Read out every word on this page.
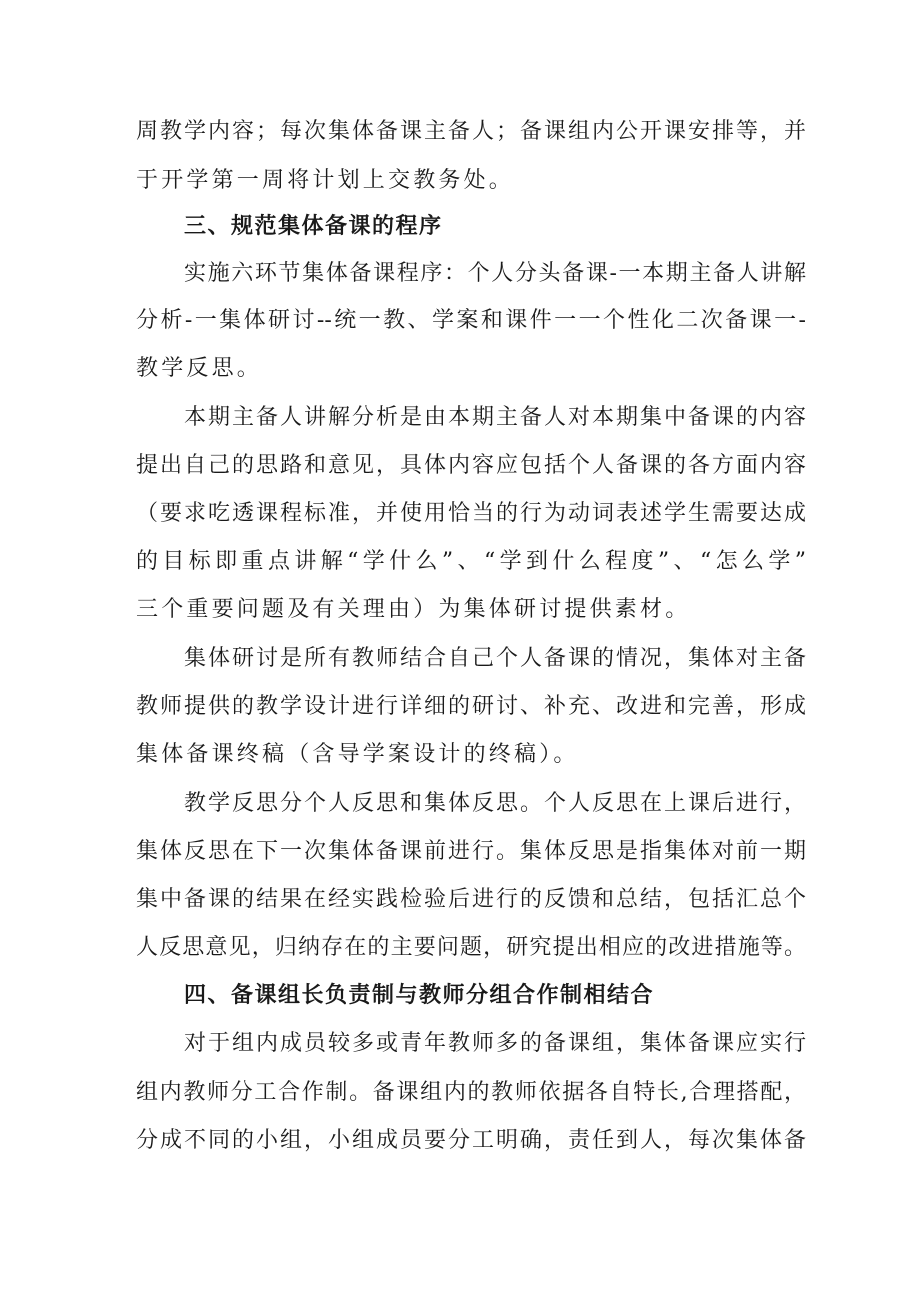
周教学内容；每次集体备课主备人；备课组内公开课安排等，并
于开学第一周将计划上交教务处。
三、规范集体备课的程序
实施六环节集体备课程序：个人分头备课-一本期主备人讲解
分析-一集体研讨--统一教、学案和课件一一个性化二次备课一-
教学反思。
本期主备人讲解分析是由本期主备人对本期集中备课的内容
提出自己的思路和意见，具体内容应包括个人备课的各方面内容
（要求吃透课程标准，并使用恰当的行为动词表述学生需要达成
的目标即重点讲解“学什么”、“学到什么程度”、“怎么学”
三个重要问题及有关理由）为集体研讨提供素材。
集体研讨是所有教师结合自己个人备课的情况，集体对主备
教师提供的教学设计进行详细的研讨、补充、改进和完善，形成
集体备课终稿（含导学案设计的终稿）。
教学反思分个人反思和集体反思。个人反思在上课后进行，
集体反思在下一次集体备课前进行。集体反思是指集体对前一期
集中备课的结果在经实践检验后进行的反馈和总结，包括汇总个
人反思意见，归纳存在的主要问题，研究提出相应的改进措施等。
四、备课组长负责制与教师分组合作制相结合
对于组内成员较多或青年教师多的备课组，集体备课应实行
组内教师分工合作制。备课组内的教师依据各自特长,合理搭配，
分成不同的小组，小组成员要分工明确，责任到人，每次集体备
